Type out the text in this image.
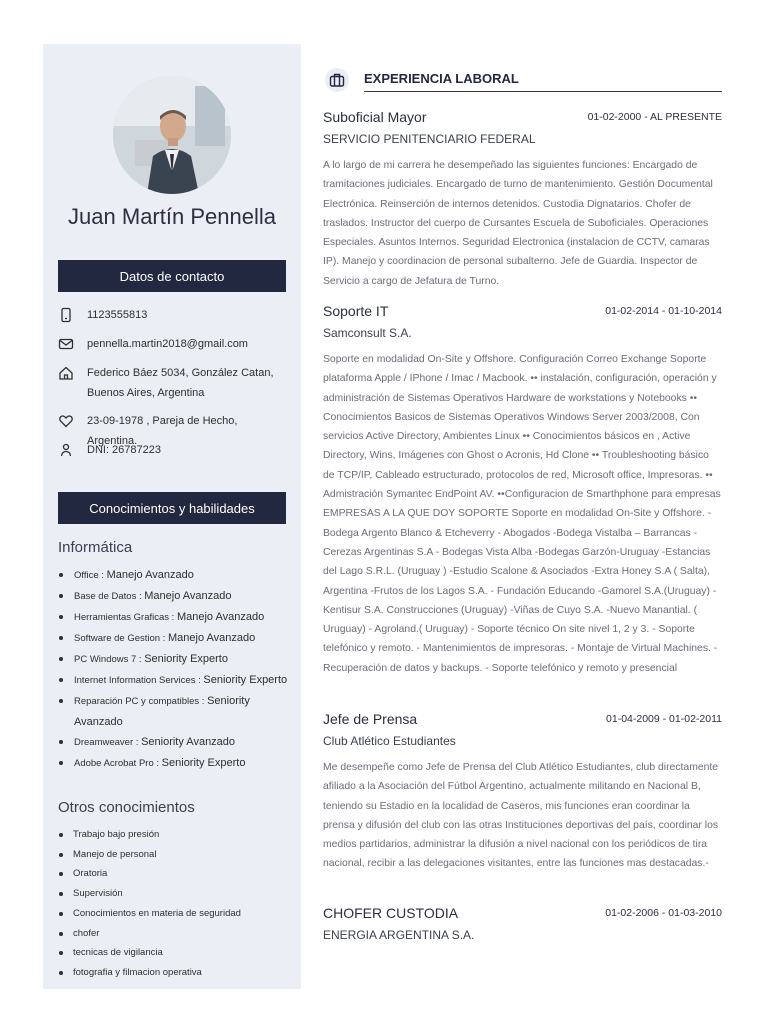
Juan Martín Pennella
Datos de contacto
1123555813
pennella.martin2018@gmail.com
Federico Báez 5034, González Catan, Buenos Aires, Argentina
23-09-1978 , Pareja de Hecho, Argentina.
DNI: 26787223
Conocimientos y habilidades
Informática
Office : Manejo Avanzado
Base de Datos : Manejo Avanzado
Herramientas Graficas : Manejo Avanzado
Software de Gestion : Manejo Avanzado
PC Windows 7 : Seniority Experto
Internet Information Services : Seniority Experto
Reparación PC y compatibles : Seniority Avanzado
Dreamweaver : Seniority Avanzado
Adobe Acrobat Pro : Seniority Experto
Otros conocimientos
Trabajo bajo presión
Manejo de personal
Oratoria
Supervisión
Conocimientos en materia de seguridad
chofer
tecnicas de vigilancia
fotografia y filmacion operativa
EXPERIENCIA LABORAL
Suboficial Mayor	01-02-2000 - AL PRESENTE
SERVICIO PENITENCIARIO FEDERAL
A lo largo de mi carrera he desempeñado las siguientes funciones: Encargado de tramitaciones judiciales. Encargado de turno de mantenimiento. Gestión Documental Electrónica. Reinserción de internos detenidos. Custodia Dignatarios. Chofer de traslados. Instructor del cuerpo de Cursantes Escuela de Suboficiales. Operaciones Especiales. Asuntos Internos. Seguridad Electronica (instalacion de CCTV, camaras IP). Manejo y coordinacion de personal subalterno. Jefe de Guardia. Inspector de Servicio a cargo de Jefatura de Turno.
Soporte IT	01-02-2014 - 01-10-2014
Samconsult S.A.
Soporte en modalidad On-Site y Offshore. Configuración Correo Exchange Soporte plataforma Apple / IPhone / Imac / Macbook. •• instalación, configuración, operación y administración de Sistemas Operativos Hardware de workstations y Notebooks •• Conocimientos Basicos de Sistemas Operativos Windows Server 2003/2008, Con servicios Active Directory, Ambientes Linux •• Conocimientos básicos en , Active Directory, Wins, Imágenes con Ghost o Acronis, Hd Clone •• Troubleshooting básico de TCP/IP, Cableado estructurado, protocolos de red, Microsoft office, Impresoras. •• Admistración Symantec EndPoint AV. ••Configuracion de Smarthphone para empresas EMPRESAS A LA QUE DOY SOPORTE Soporte en modalidad On-Site y Offshore. -Bodega Argento Blanco & Etcheverry - Abogados -Bodega Vistalba – Barrancas -Cerezas Argentinas S.A - Bodegas Vista Alba -Bodegas Garzón-Uruguay -Estancias del Lago S.R.L. (Uruguay ) -Estudio Scalone & Asociados -Extra Honey S.A ( Salta), Argentina -Frutos de los Lagos S.A. - Fundación Educando -Gamorel S.A.(Uruguay) -Kentisur S.A. Construcciones (Uruguay) -Viñas de Cuyo S.A. -Nuevo Manantial. ( Uruguay) - Agroland.( Uruguay) - Soporte técnico On site nivel 1, 2 y 3. - Soporte telefónico y remoto. - Mantenimientos de impresoras. - Montaje de Virtual Machines. - Recuperación de datos y backups. - Soporte telefónico y remoto y presencial
Jefe de Prensa	01-04-2009 - 01-02-2011
Club Atlético Estudiantes
Me desempeñe como Jefe de Prensa del Club Atlético Estudiantes, club directamente afiliado a la Asociación del Fútbol Argentino, actualmente militando en Nacional B, teniendo su Estadio en la localidad de Caseros, mis funciones eran coordinar la prensa y difusión del club con las otras Instituciones deportivas del país, coordinar los medios partidarios, administrar la difusión a nivel nacional con los periódicos de tira nacional, recibir a las delegaciones visitantes, entre las funciones mas destacadas.-
CHOFER CUSTODIA	01-02-2006 - 01-03-2010
ENERGIA ARGENTINA S.A.
